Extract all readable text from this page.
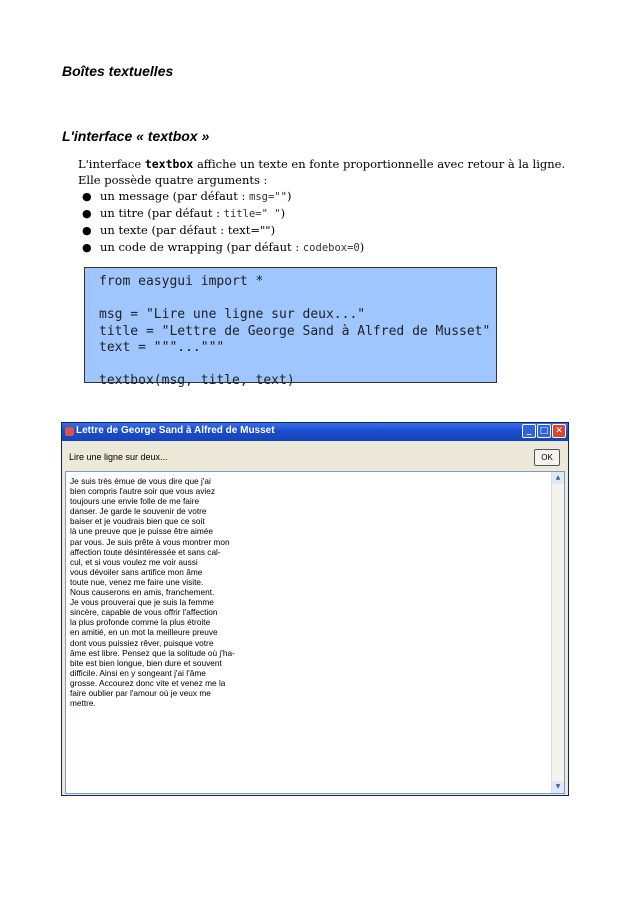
Boîtes textuelles
L'interface « textbox »

L'interface textbox affiche un texte en fonte proportionnelle avec retour à la ligne.

Elle possède quatre arguments :

● un message (par défaut : msg="")
● un titre (par défaut : title=" ")
● un texte (par défaut : text="")
● un code de wrapping (par défaut : codebox=0)
from easygui import *

msg = "Lire une ligne sur deux..."
title = "Lettre de George Sand à Alfred de Musset"
text = """..."""

textbox(msg, title, text)
Lettre de George Sand à Alfred de Musset	_ □ ✕
Lire une ligne sur deux...	OK
Je suis très émue de vous dire que j'ai
bien compris l'autre soir que vous aviez
toujours une envie folle de me faire
danser. Je garde le souvenir de votre
baiser et je voudrais bien que ce soit
là une preuve que je puisse être aimée
par vous. Je suis prête à vous montrer mon
affection toute désintéressée et sans cal-
cul, et si vous voulez me voir aussi
vous dévoiler sans artifice mon âme
toute nue, venez me faire une visite.
Nous causerons en amis, franchement.
Je vous prouverai que je suis la femme
sincère, capable de vous offrir l'affection
la plus profonde comme la plus étroite
en amitié, en un mot la meilleure preuve
dont vous puissiez rêver, puisque votre
âme est libre. Pensez que la solitude où j'ha-
bite est bien longue, bien dure et souvent
difficile. Ainsi en y songeant j'ai l'âme
grosse. Accourez donc vite et venez me la
faire oublier par l'amour où je veux me
mettre.
▲
▼
